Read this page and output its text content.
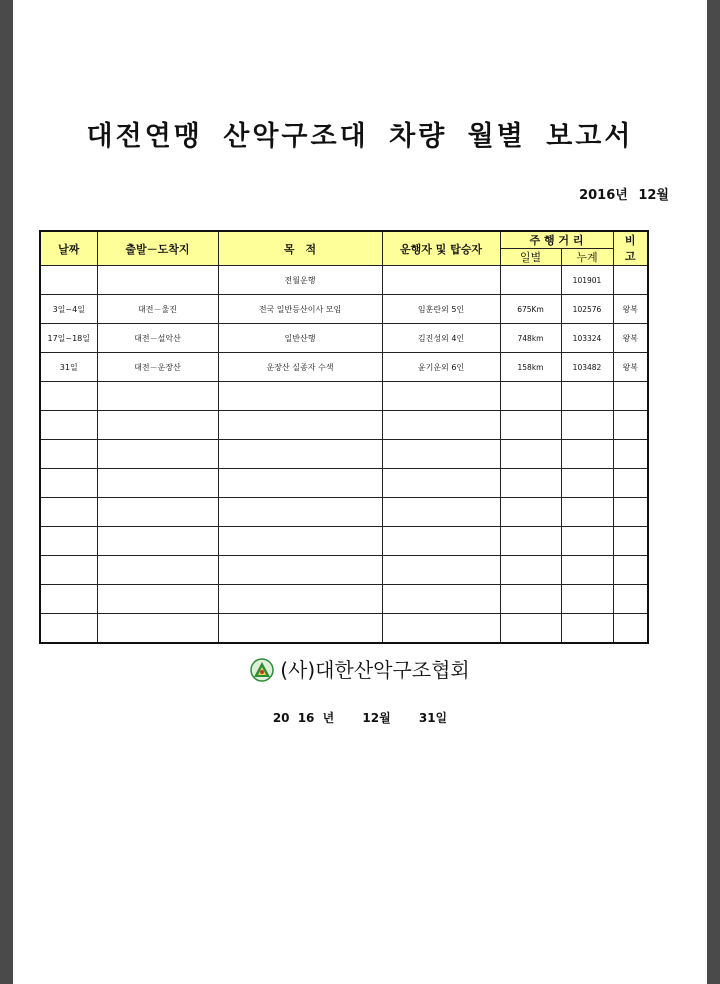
대전연맹 산악구조대 차량 월별 보고서
2016년 12월
날짜	출발－도착지	목　적	운행자 및 탑승자	주 행 거 리		비
고
				일별	누계	
		전월운행			101901	
3일~4일	대전－울진	전국 일반등산이사 모임	임훈란외 5인	675Km	102576	왕복
17일~18일	대전－설악산	일반산행	김진성외 4인	748km	103324	왕복
31일	대전－운장산	운장산 실종자 수색	윤기운외 6인	158km	103482	왕복

(사)대한산악구조협회
20 16 년 12월 31일
